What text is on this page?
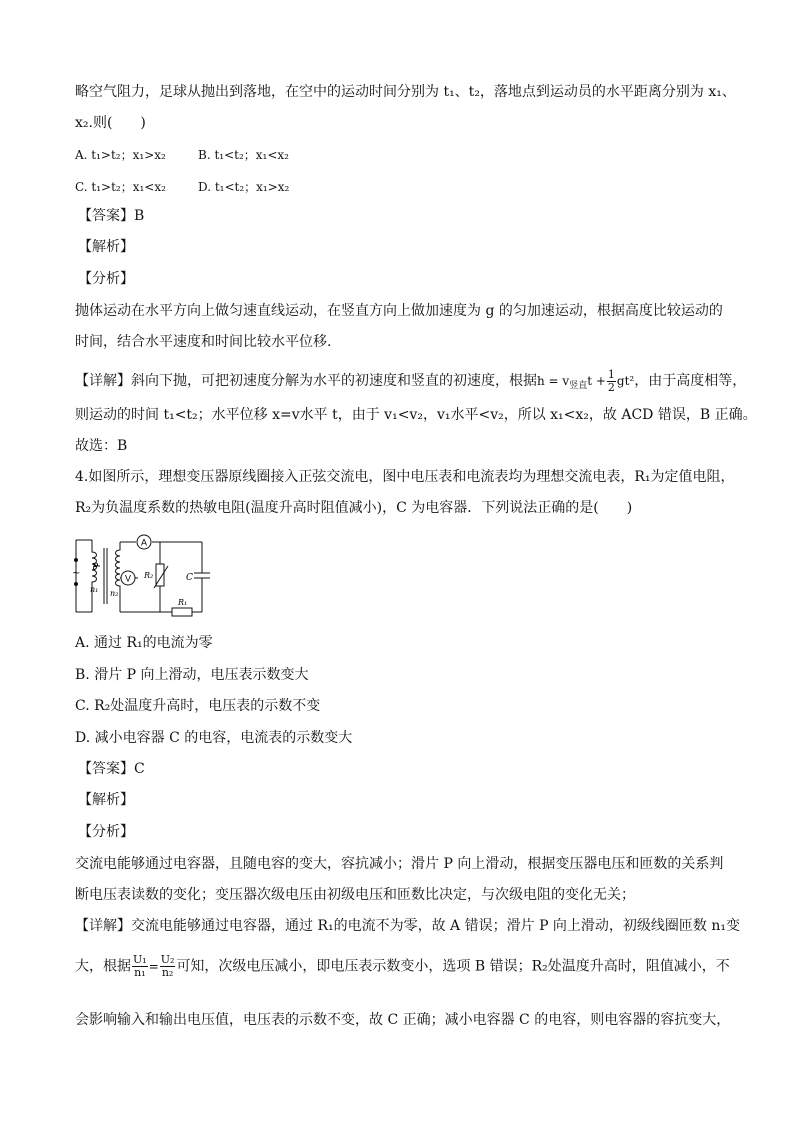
略空气阻力，足球从抛出到落地，在空中的运动时间分别为 t₁、t₂，落地点到运动员的水平距离分别为 x₁、
x₂.则(　　)
A. t₁>t₂；x₁>x₂	B. t₁<t₂；x₁<x₂
C. t₁>t₂；x₁<x₂	D. t₁<t₂；x₁>x₂
【答案】B
【解析】
【分析】
抛体运动在水平方向上做匀速直线运动，在竖直方向上做加速度为 g 的匀加速运动，根据高度比较运动的
时间，结合水平速度和时间比较水平位移.
【详解】斜向下抛，可把初速度分解为水平的初速度和竖直的初速度，根据$h = v_{竖直}t + \frac{1}{2} gt^2$，由于高度相等，
则运动的时间 t₁<t₂；水平位移 x=v水平 t，由于 v₁<v₂，v₁水平<v₂，所以 x₁<x₂，故 ACD 错误，B 正确。
故选：B
4.如图所示，理想变压器原线圈接入正弦交流电，图中电压表和电流表均为理想交流电表，R₁为定值电阻，
R₂为负温度系数的热敏电阻(温度升高时阻值减小)，C 为电容器．下列说法正确的是(　　)
A
V
~ P
n₁ n₂
R₂
R₁
C
A. 通过 R₁的电流为零
B. 滑片 P 向上滑动，电压表示数变大
C. R₂处温度升高时，电压表的示数不变
D. 减小电容器 C 的电容，电流表的示数变大
【答案】C
【解析】
【分析】
交流电能够通过电容器，且随电容的变大，容抗减小；滑片 P 向上滑动，根据变压器电压和匝数的关系判
断电压表读数的变化；变压器次级电压由初级电压和匝数比决定，与次级电阻的变化无关；
【详解】交流电能够通过电容器，通过 R₁的电流不为零，故 A 错误；滑片 P 向上滑动，初级线圈匝数 n₁变
大，根据 $\frac{\text{U₁}}{\text{n₁}} = \frac{\text{U₂}}{\text{n₂}}$ 可知，次级电压减小，即电压表示数变小，选项 B 错误；R₂处温度升高时，阻值减小，不
会影响输入和输出电压值，电压表的示数不变，故 C 正确；减小电容器 C 的电容，则电容器的容抗变大，
